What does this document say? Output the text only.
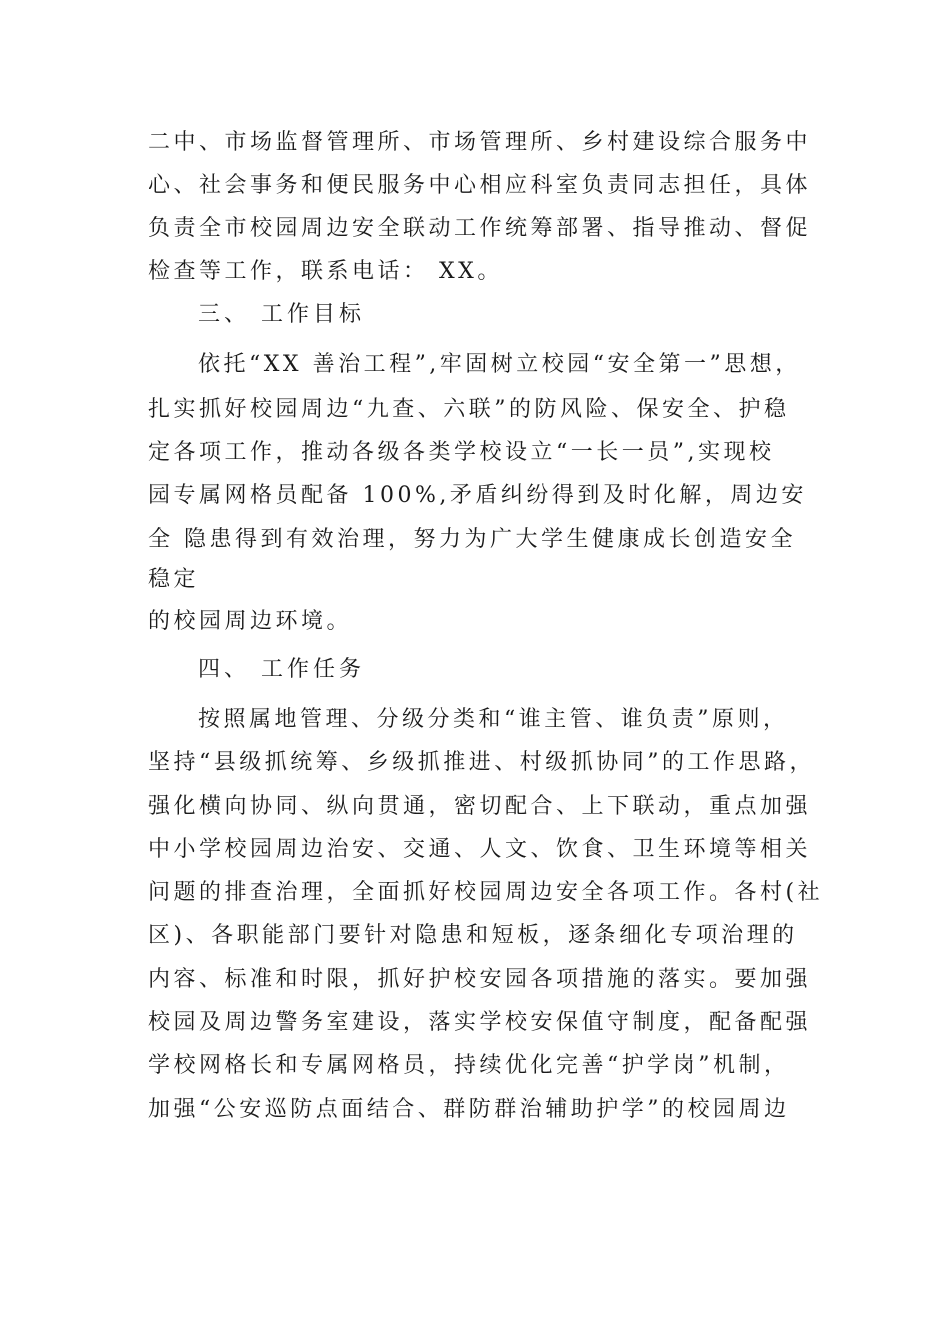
二中、市场监督管理所、市场管理所、乡村建设综合服务中
心、社会事务和便民服务中心相应科室负责同志担任，具体
负责全市校园周边安全联动工作统筹部署、指导推动、督促
检查等工作，联系电话： XX。
三、 工作目标
依托“XX 善治工程”,牢固树立校园“安全第一”思想，
扎实抓好校园周边“九查、六联”的防风险、保安全、护稳
定各项工作，推动各级各类学校设立“一长一员”,实现校
园专属网格员配备 100%,矛盾纠纷得到及时化解，周边安
全 隐患得到有效治理，努力为广大学生健康成长创造安全
稳定
的校园周边环境。
四、 工作任务
按照属地管理、分级分类和“谁主管、谁负责”原则，
坚持“县级抓统筹、乡级抓推进、村级抓协同”的工作思路，
强化横向协同、纵向贯通，密切配合、上下联动，重点加强
中小学校园周边治安、交通、人文、饮食、卫生环境等相关
问题的排查治理，全面抓好校园周边安全各项工作。各村(社
区)、各职能部门要针对隐患和短板，逐条细化专项治理的
内容、标准和时限，抓好护校安园各项措施的落实。要加强
校园及周边警务室建设，落实学校安保值守制度，配备配强
学校网格长和专属网格员，持续优化完善“护学岗”机制，
加强“公安巡防点面结合、群防群治辅助护学”的校园周边
